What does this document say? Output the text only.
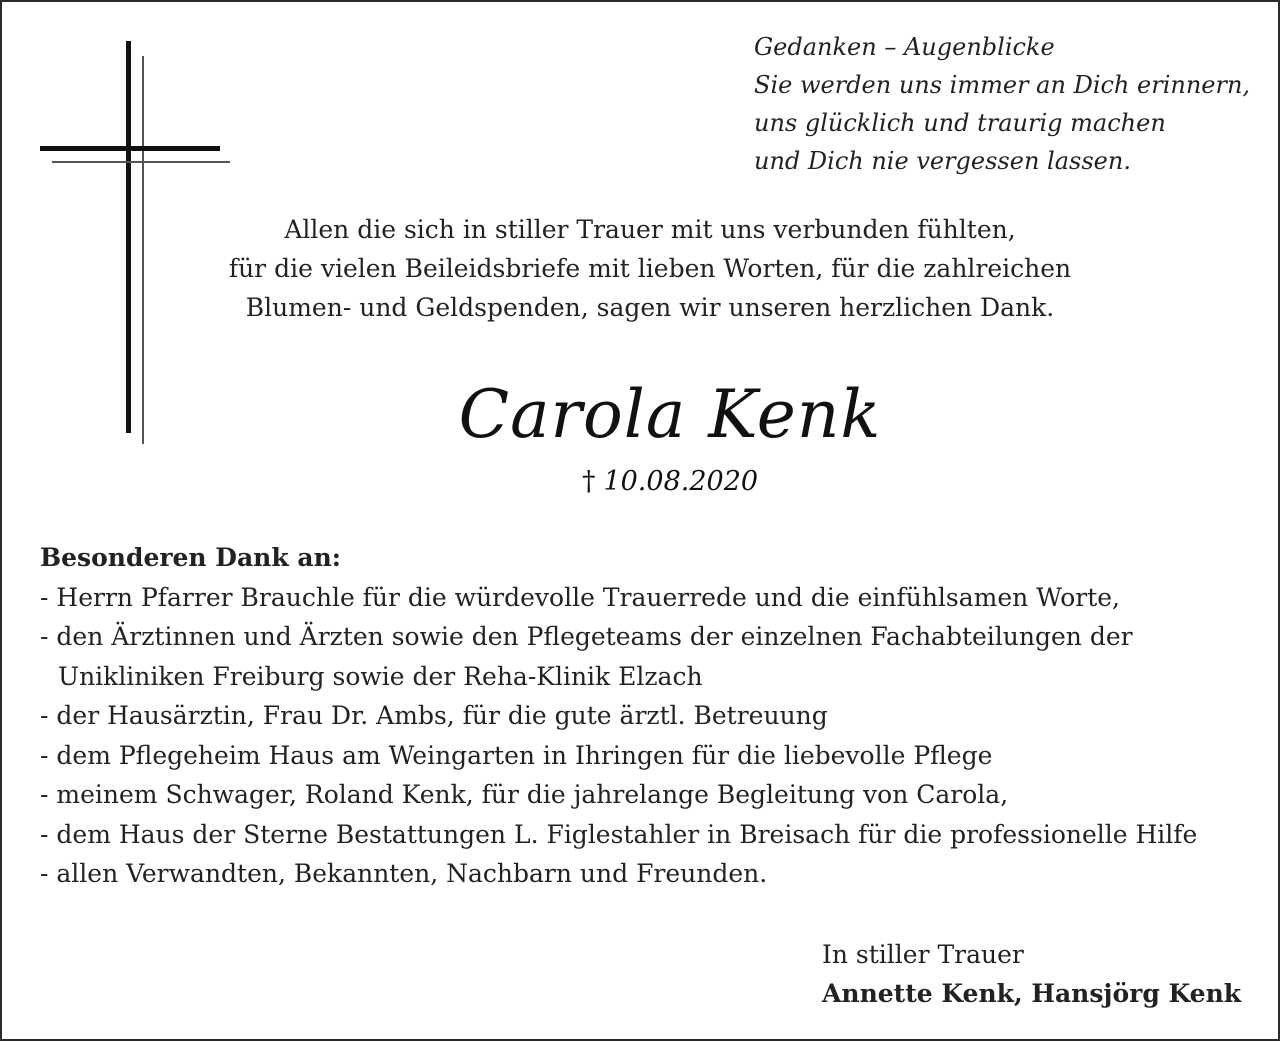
Gedanken – Augenblicke
Sie werden uns immer an Dich erinnern,
uns glücklich und traurig machen
und Dich nie vergessen lassen.
Allen die sich in stiller Trauer mit uns verbunden fühlten,
für die vielen Beileidsbriefe mit lieben Worten, für die zahlreichen
Blumen- und Geldspenden, sagen wir unseren herzlichen Dank.
Carola Kenk
† 10.08.2020
Besonderen Dank an:
- Herrn Pfarrer Brauchle für die würdevolle Trauerrede und die einfühlsamen Worte,
- den Ärztinnen und Ärzten sowie den Pflegeteams der einzelnen Fachabteilungen der
Unikliniken Freiburg sowie der Reha-Klinik Elzach
- der Hausärztin, Frau Dr. Ambs, für die gute ärztl. Betreuung
- dem Pflegeheim Haus am Weingarten in Ihringen für die liebevolle Pflege
- meinem Schwager, Roland Kenk, für die jahrelange Begleitung von Carola,
- dem Haus der Sterne Bestattungen L. Figlestahler in Breisach für die professionelle Hilfe
- allen Verwandten, Bekannten, Nachbarn und Freunden.
In stiller Trauer
Annette Kenk, Hansjörg Kenk
